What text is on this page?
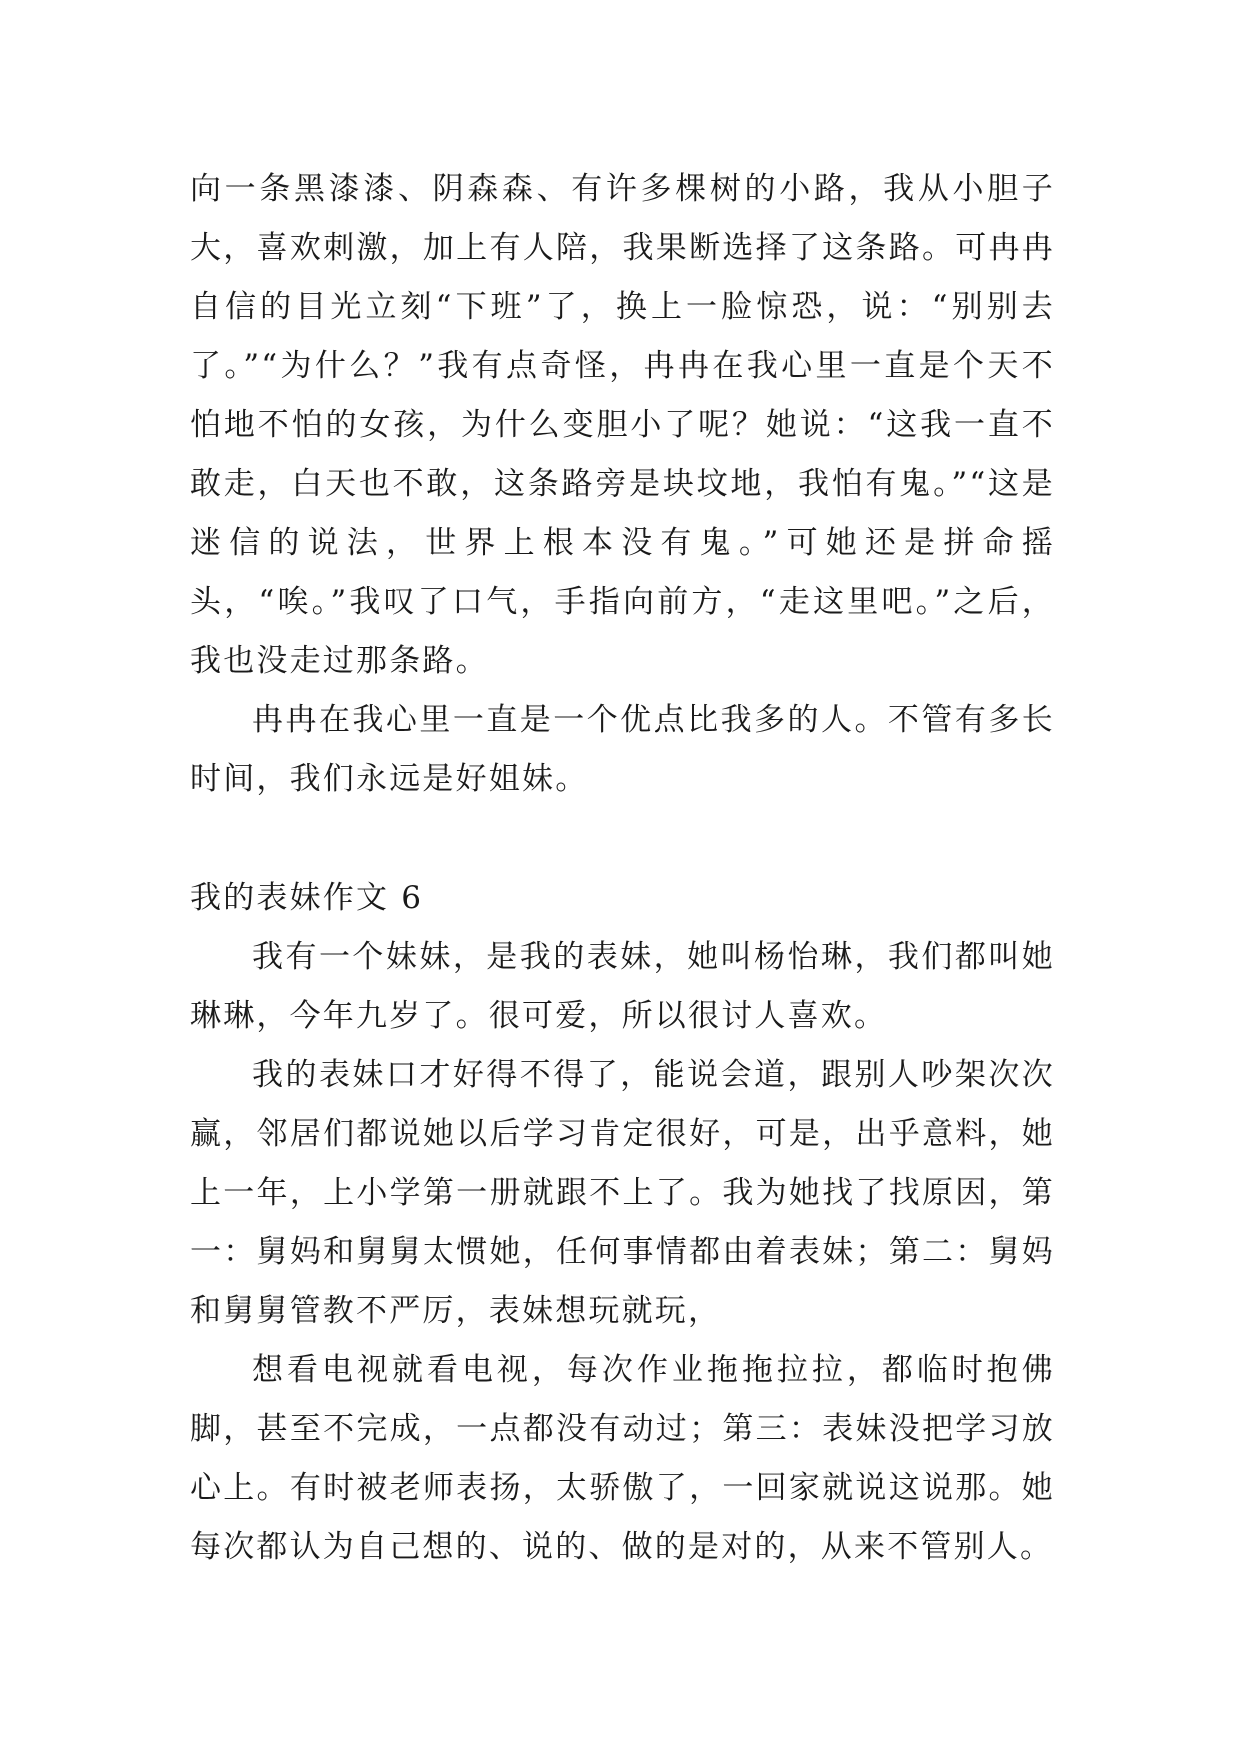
向一条黑漆漆、阴森森、有许多棵树的小路，我从小胆子大，喜欢刺激，加上有人陪，我果断选择了这条路。可冉冉自信的目光立刻“下班”了，换上一脸惊恐，说：“别别去了。”“为什么？”我有点奇怪，冉冉在我心里一直是个天不怕地不怕的女孩，为什么变胆小了呢？她说：“这我一直不敢走，白天也不敢，这条路旁是块坟地，我怕有鬼。”“这是迷信的说法，世界上根本没有鬼。”可她还是拼命摇头，“唉。”我叹了口气，手指向前方，“走这里吧。”之后，我也没走过那条路。

冉冉在我心里一直是一个优点比我多的人。不管有多长时间，我们永远是好姐妹。

我的表妹作文 6

我有一个妹妹，是我的表妹，她叫杨怡琳，我们都叫她琳琳，今年九岁了。很可爱，所以很讨人喜欢。

我的表妹口才好得不得了，能说会道，跟别人吵架次次赢，邻居们都说她以后学习肯定很好，可是，出乎意料，她上一年，上小学第一册就跟不上了。我为她找了找原因，第一：舅妈和舅舅太惯她，任何事情都由着表妹；第二：舅妈和舅舅管教不严厉，表妹想玩就玩，

想看电视就看电视，每次作业拖拖拉拉，都临时抱佛脚，甚至不完成，一点都没有动过；第三：表妹没把学习放心上。有时被老师表扬，太骄傲了，一回家就说这说那。她每次都认为自己想的、说的、做的是对的，从来不管别人。
